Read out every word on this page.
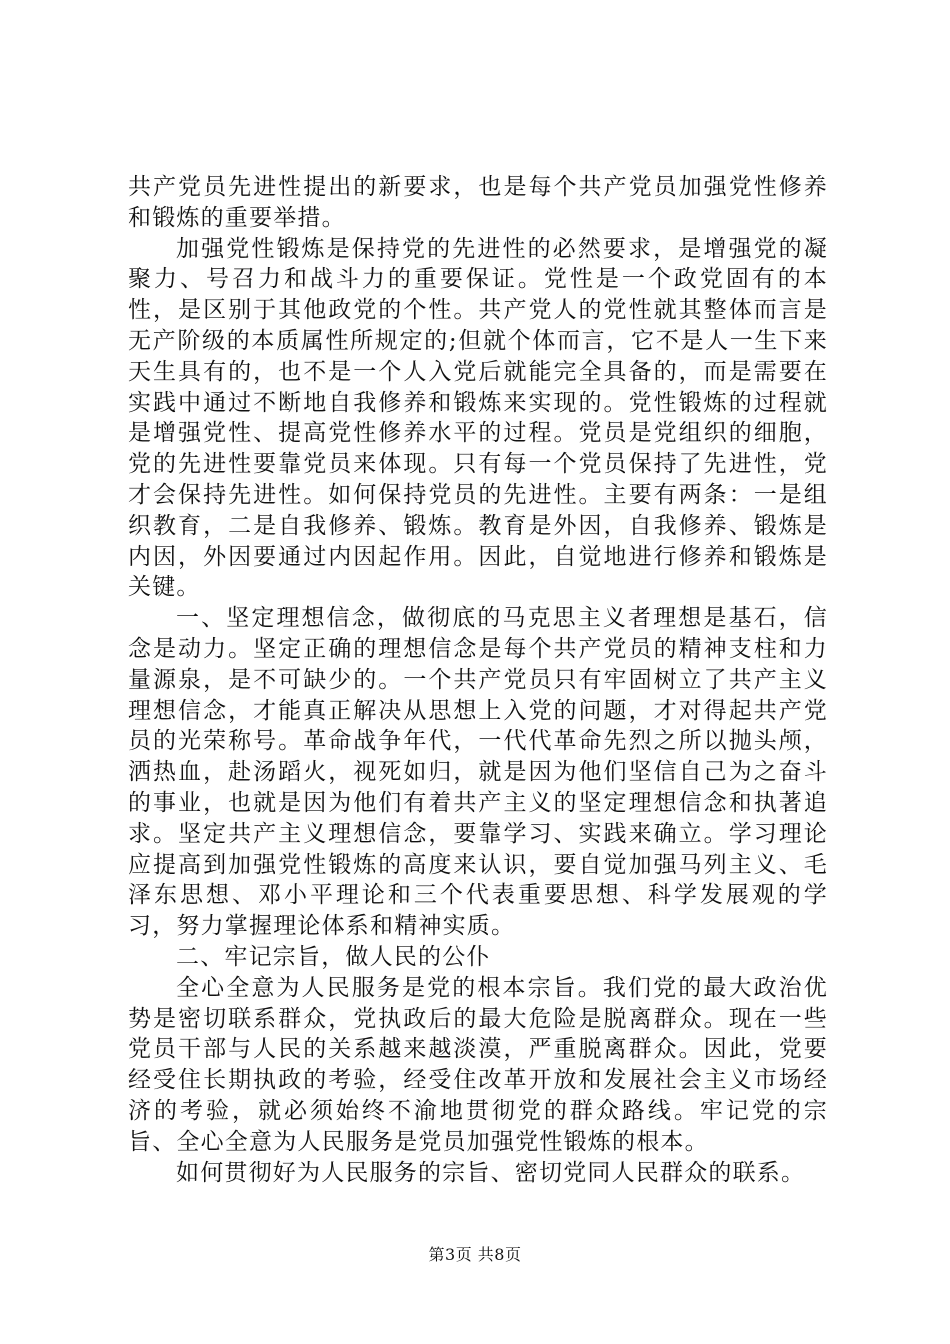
共产党员先进性提出的新要求，也是每个共产党员加强党性修养和锻炼的重要举措。

加强党性锻炼是保持党的先进性的必然要求，是增强党的凝聚力、号召力和战斗力的重要保证。党性是一个政党固有的本性，是区别于其他政党的个性。共产党人的党性就其整体而言是无产阶级的本质属性所规定的;但就个体而言，它不是人一生下来天生具有的，也不是一个人入党后就能完全具备的，而是需要在实践中通过不断地自我修养和锻炼来实现的。党性锻炼的过程就是增强党性、提高党性修养水平的过程。党员是党组织的细胞，党的先进性要靠党员来体现。只有每一个党员保持了先进性，党才会保持先进性。如何保持党员的先进性。主要有两条：一是组织教育，二是自我修养、锻炼。教育是外因，自我修养、锻炼是内因，外因要通过内因起作用。因此，自觉地进行修养和锻炼是关键。

一、坚定理想信念，做彻底的马克思主义者理想是基石，信念是动力。坚定正确的理想信念是每个共产党员的精神支柱和力量源泉，是不可缺少的。一个共产党员只有牢固树立了共产主义理想信念，才能真正解决从思想上入党的问题，才对得起共产党员的光荣称号。革命战争年代，一代代革命先烈之所以抛头颅，洒热血，赴汤蹈火，视死如归，就是因为他们坚信自己为之奋斗的事业，也就是因为他们有着共产主义的坚定理想信念和执著追求。坚定共产主义理想信念，要靠学习、实践来确立。学习理论应提高到加强党性锻炼的高度来认识，要自觉加强马列主义、毛泽东思想、邓小平理论和三个代表重要思想、科学发展观的学习，努力掌握理论体系和精神实质。

二、牢记宗旨，做人民的公仆

全心全意为人民服务是党的根本宗旨。我们党的最大政治优势是密切联系群众，党执政后的最大危险是脱离群众。现在一些党员干部与人民的关系越来越淡漠，严重脱离群众。因此，党要经受住长期执政的考验，经受住改革开放和发展社会主义市场经济的考验，就必须始终不渝地贯彻党的群众路线。牢记党的宗旨、全心全意为人民服务是党员加强党性锻炼的根本。

如何贯彻好为人民服务的宗旨、密切党同人民群众的联系。

第3页 共8页
